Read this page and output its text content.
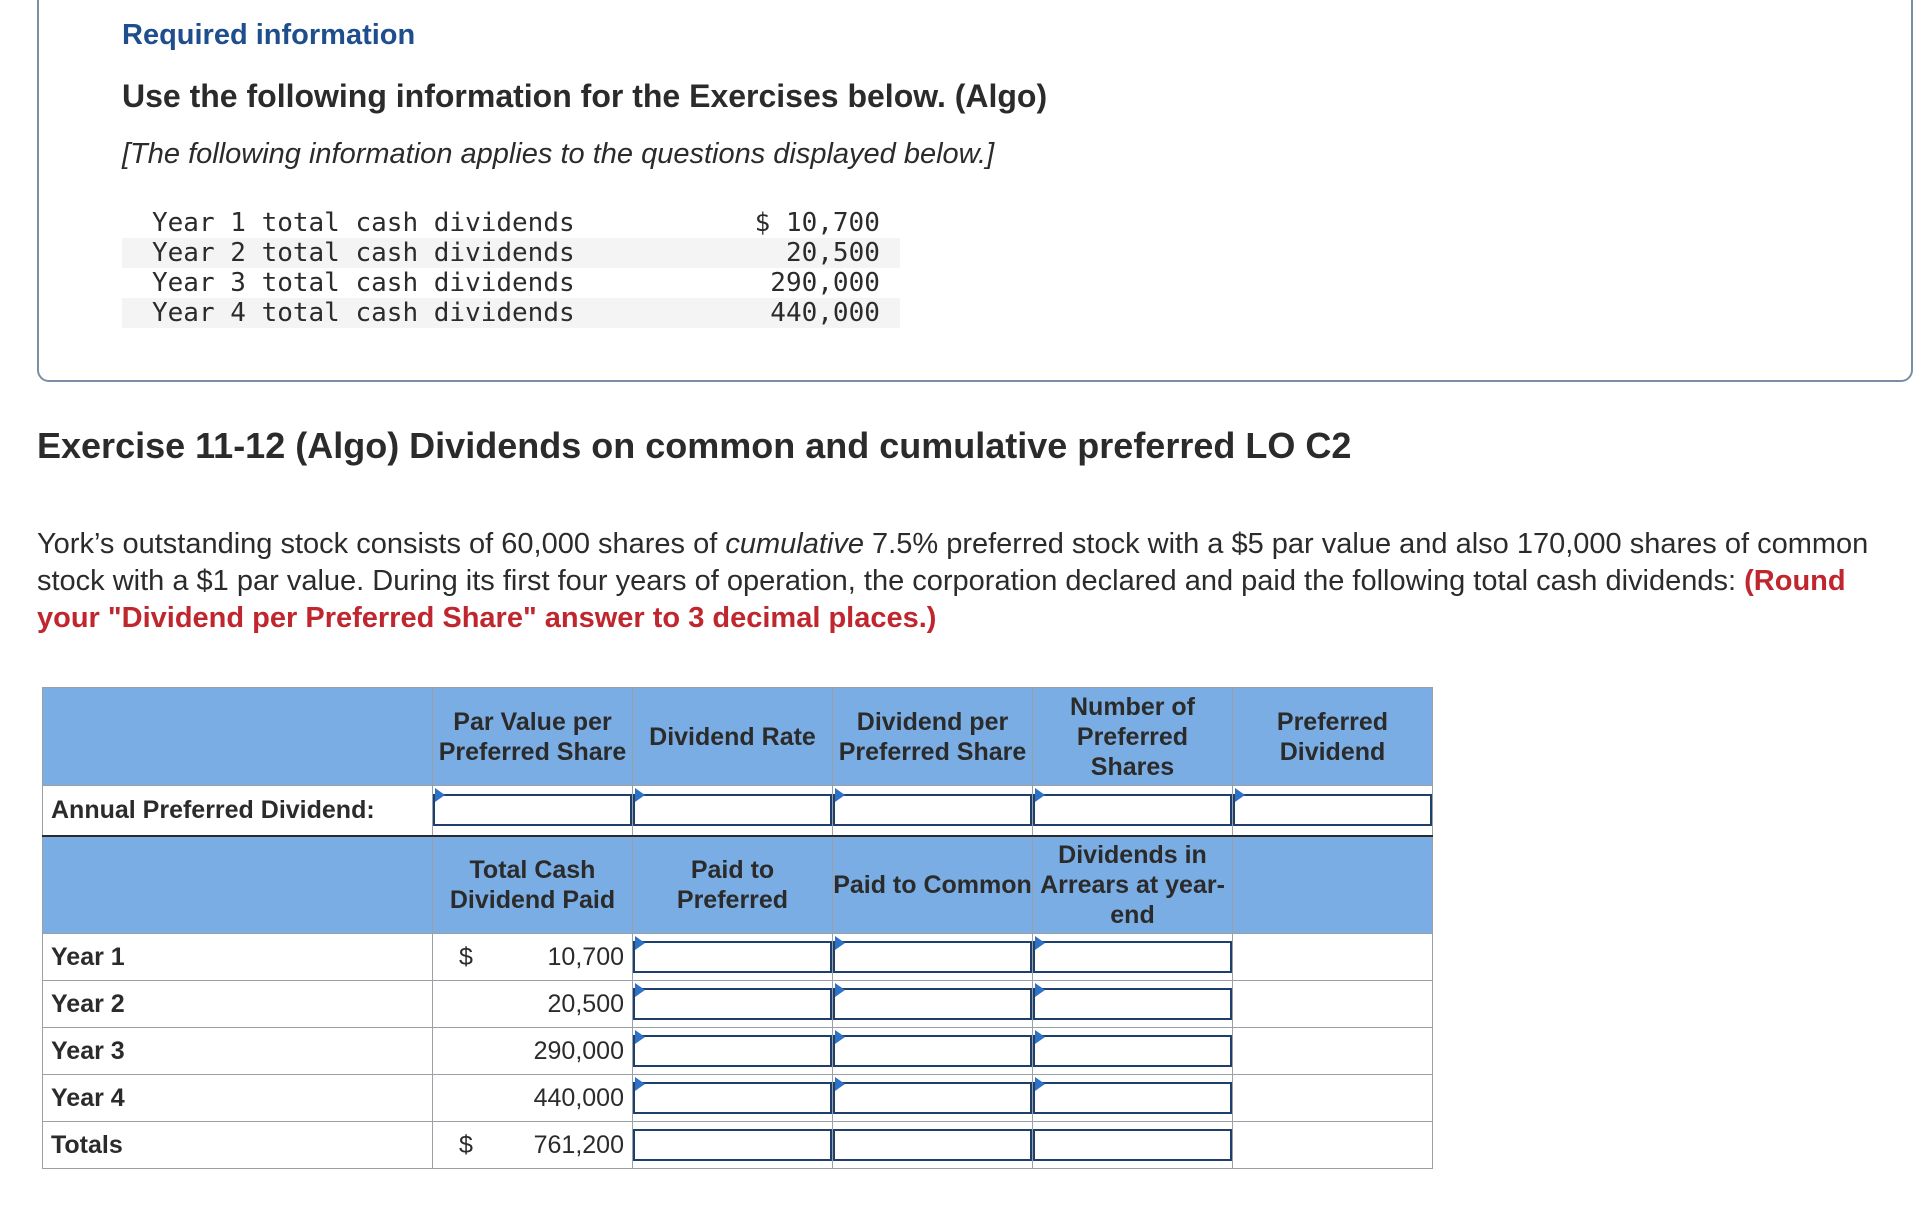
Required information
Use the following information for the Exercises below. (Algo)
[The following information applies to the questions displayed below.]
Year 1 total cash dividends	$ 10,700
Year 2 total cash dividends	20,500
Year 3 total cash dividends	290,000
Year 4 total cash dividends	440,000
Exercise 11-12 (Algo) Dividends on common and cumulative preferred LO C2
York’s outstanding stock consists of 60,000 shares of cumulative 7.5% preferred stock with a $5 par value and also 170,000 shares of common stock with a $1 par value. During its first four years of operation, the corporation declared and paid the following total cash dividends: (Round your "Dividend per Preferred Share" answer to 3 decimal places.)
	Par Value per Preferred Share	Dividend Rate	Dividend per Preferred Share	Number of Preferred Shares	Preferred Dividend
Annual Preferred Dividend:	

	Total Cash Dividend Paid	Paid to Preferred	Paid to Common	Dividends in Arrears at year-end	
Year 1	$ 10,700	

Year 2	20,500	

Year 3	290,000	

Year 4	440,000	

Totals	$ 761,200				
